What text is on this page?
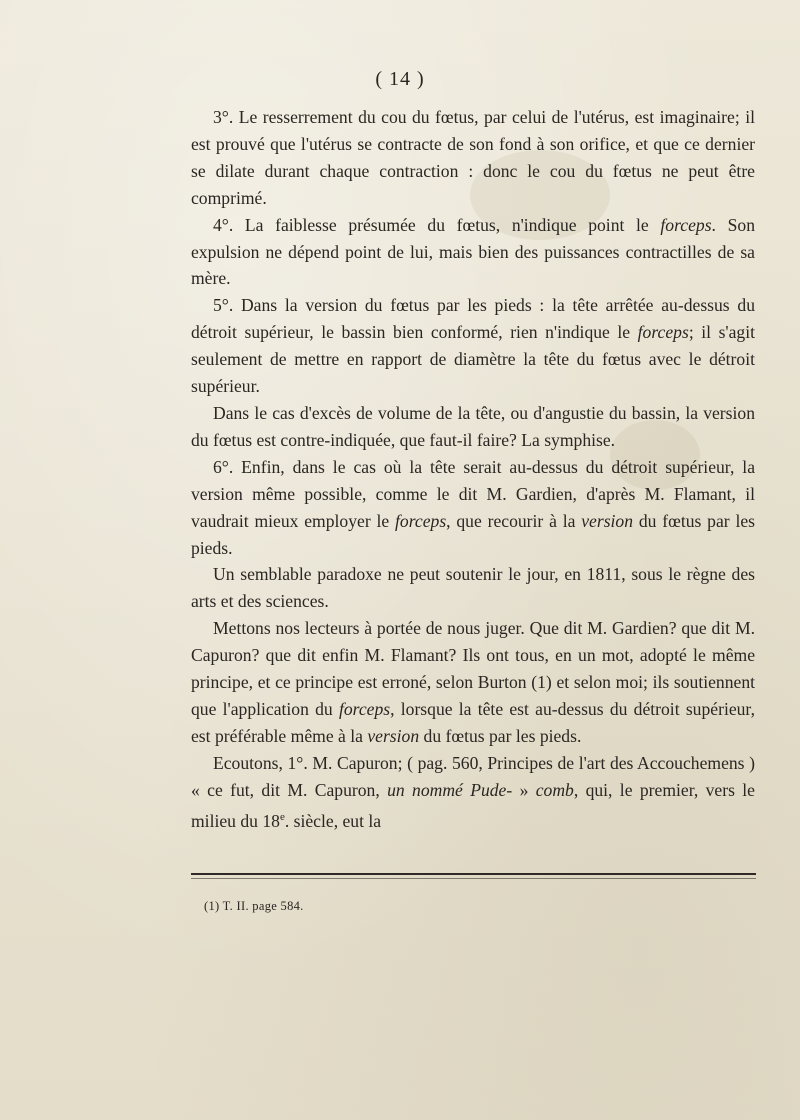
( 14 )

3°. Le resserrement du cou du fœtus, par celui de l'utérus, est imaginaire; il est prouvé que l'utérus se contracte de son fond à son orifice, et que ce dernier se dilate durant chaque contraction : donc le cou du fœtus ne peut être comprimé.

4°. La faiblesse présumée du fœtus, n'indique point le forceps. Son expulsion ne dépend point de lui, mais bien des puissances contractilles de sa mère.

5°. Dans la version du fœtus par les pieds : la tête arrêtée au-dessus du détroit supérieur, le bassin bien conformé, rien n'indique le forceps; il s'agit seulement de mettre en rapport de diamètre la tête du fœtus avec le détroit supérieur.

Dans le cas d'excès de volume de la tête, ou d'angustie du bassin, la version du fœtus est contre-indiquée, que faut-il faire? La symphise.

6°. Enfin, dans le cas où la tête serait au-dessus du détroit supérieur, la version même possible, comme le dit M. Gardien, d'après M. Flamant, il vaudrait mieux employer le forceps, que recourir à la version du fœtus par les pieds.

Un semblable paradoxe ne peut soutenir le jour, en 1811, sous le règne des arts et des sciences.

Mettons nos lecteurs à portée de nous juger. Que dit M. Gardien? que dit M. Capuron? que dit enfin M. Flamant? Ils ont tous, en un mot, adopté le même principe, et ce principe est erroné, selon Burton (1) et selon moi; ils soutiennent que l'application du forceps, lorsque la tête est au-dessus du détroit supérieur, est préférable même à la version du fœtus par les pieds.

Ecoutons, 1°. M. Capuron; ( pag. 560, Principes de l'art des Accouchemens ) « ce fut, dit M. Capuron, un nommé Pude- » comb, qui, le premier, vers le milieu du 18e. siècle, eut la

(1) T. II. page 584.
